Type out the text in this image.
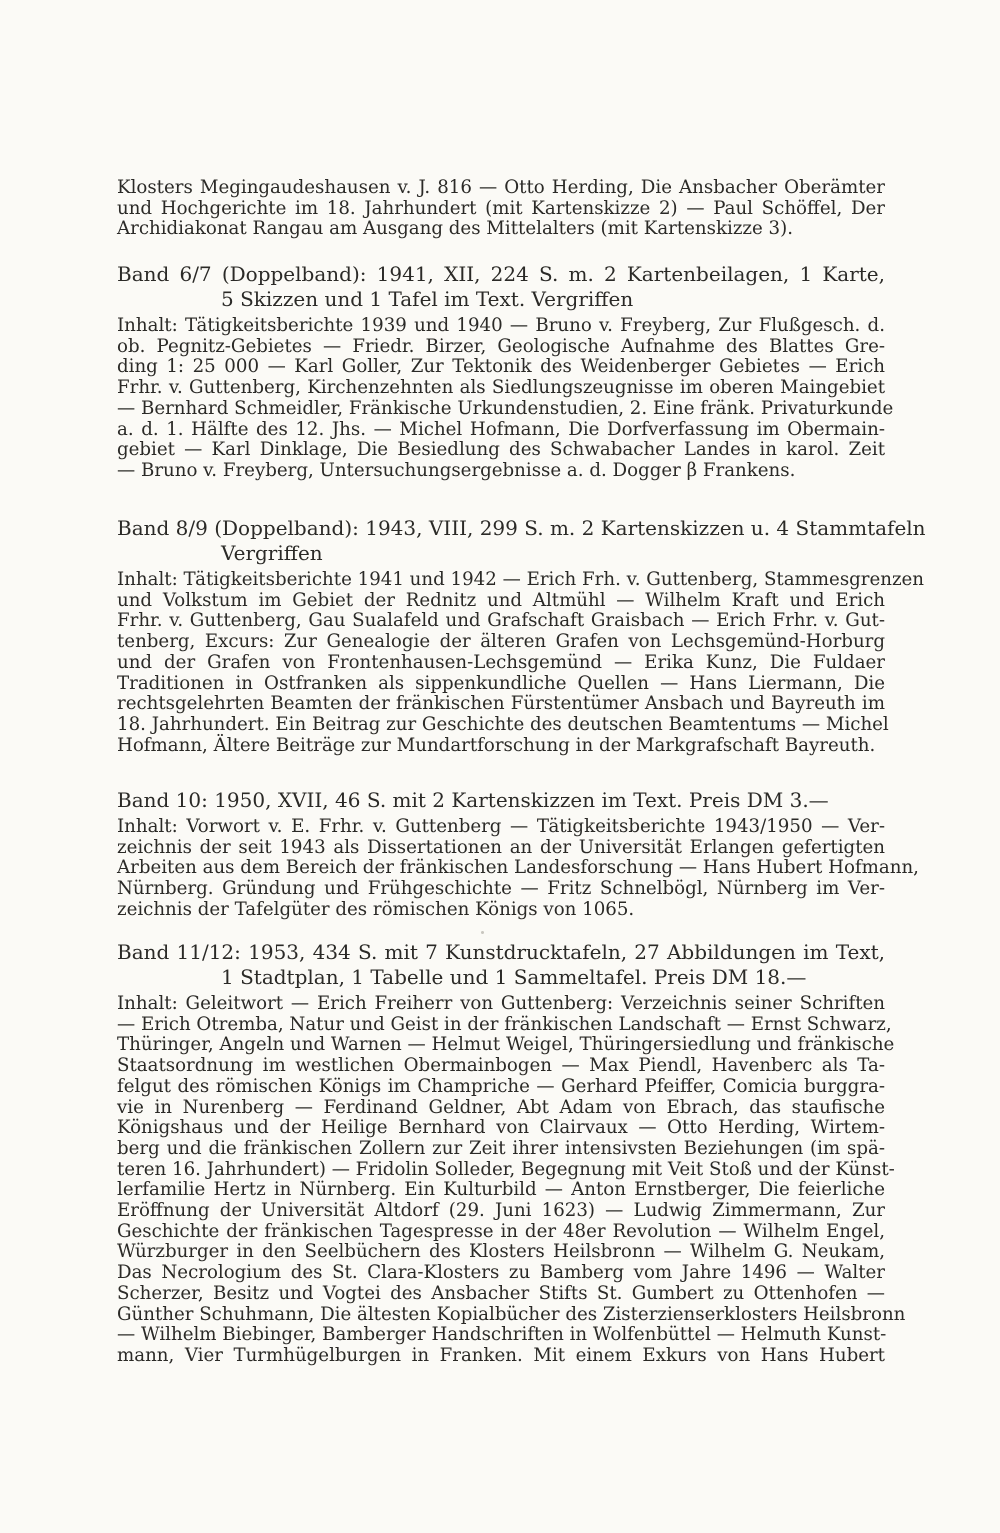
Klosters Megingaudeshausen v. J. 816 — Otto Herding, Die Ansbacher Oberämter
und Hochgerichte im 18. Jahrhundert (mit Kartenskizze 2) — Paul Schöffel, Der
Archidiakonat Rangau am Ausgang des Mittelalters (mit Kartenskizze 3).
Band 6/7 (Doppelband): 1941, XII, 224 S. m. 2 Kartenbeilagen, 1 Karte,
5 Skizzen und 1 Tafel im Text. Vergriffen
Inhalt: Tätigkeitsberichte 1939 und 1940 — Bruno v. Freyberg, Zur Flußgesch. d.
ob. Pegnitz-Gebietes — Friedr. Birzer, Geologische Aufnahme des Blattes Gre-
ding 1: 25 000 — Karl Goller, Zur Tektonik des Weidenberger Gebietes — Erich
Frhr. v. Guttenberg, Kirchenzehnten als Siedlungszeugnisse im oberen Maingebiet
— Bernhard Schmeidler, Fränkische Urkundenstudien, 2. Eine fränk. Privaturkunde
a. d. 1. Hälfte des 12. Jhs. — Michel Hofmann, Die Dorfverfassung im Obermain-
gebiet — Karl Dinklage, Die Besiedlung des Schwabacher Landes in karol. Zeit
— Bruno v. Freyberg, Untersuchungsergebnisse a. d. Dogger β Frankens.
Band 8/9 (Doppelband): 1943, VIII, 299 S. m. 2 Kartenskizzen u. 4 Stammtafeln
Vergriffen
Inhalt: Tätigkeitsberichte 1941 und 1942 — Erich Frh. v. Guttenberg, Stammesgrenzen
und Volkstum im Gebiet der Rednitz und Altmühl — Wilhelm Kraft und Erich
Frhr. v. Guttenberg, Gau Sualafeld und Grafschaft Graisbach — Erich Frhr. v. Gut-
tenberg, Excurs: Zur Genealogie der älteren Grafen von Lechsgemünd-Horburg
und der Grafen von Frontenhausen-Lechsgemünd — Erika Kunz, Die Fuldaer
Traditionen in Ostfranken als sippenkundliche Quellen — Hans Liermann, Die
rechtsgelehrten Beamten der fränkischen Fürstentümer Ansbach und Bayreuth im
18. Jahrhundert. Ein Beitrag zur Geschichte des deutschen Beamtentums — Michel
Hofmann, Ältere Beiträge zur Mundartforschung in der Markgrafschaft Bayreuth.
Band 10: 1950, XVII, 46 S. mit 2 Kartenskizzen im Text. Preis DM 3.—
Inhalt: Vorwort v. E. Frhr. v. Guttenberg — Tätigkeitsberichte 1943/1950 — Ver-
zeichnis der seit 1943 als Dissertationen an der Universität Erlangen gefertigten
Arbeiten aus dem Bereich der fränkischen Landesforschung — Hans Hubert Hofmann,
Nürnberg. Gründung und Frühgeschichte — Fritz Schnelbögl, Nürnberg im Ver-
zeichnis der Tafelgüter des römischen Königs von 1065.
Band 11/12: 1953, 434 S. mit 7 Kunstdrucktafeln, 27 Abbildungen im Text,
1 Stadtplan, 1 Tabelle und 1 Sammeltafel. Preis DM 18.—
Inhalt: Geleitwort — Erich Freiherr von Guttenberg: Verzeichnis seiner Schriften
— Erich Otremba, Natur und Geist in der fränkischen Landschaft — Ernst Schwarz,
Thüringer, Angeln und Warnen — Helmut Weigel, Thüringersiedlung und fränkische
Staatsordnung im westlichen Obermainbogen — Max Piendl, Havenberc als Ta-
felgut des römischen Königs im Champriche — Gerhard Pfeiffer, Comicia burggra-
vie in Nurenberg — Ferdinand Geldner, Abt Adam von Ebrach, das staufische
Königshaus und der Heilige Bernhard von Clairvaux — Otto Herding, Wirtem-
berg und die fränkischen Zollern zur Zeit ihrer intensivsten Beziehungen (im spä-
teren 16. Jahrhundert) — Fridolin Solleder, Begegnung mit Veit Stoß und der Künst-
lerfamilie Hertz in Nürnberg. Ein Kulturbild — Anton Ernstberger, Die feierliche
Eröffnung der Universität Altdorf (29. Juni 1623) — Ludwig Zimmermann, Zur
Geschichte der fränkischen Tagespresse in der 48er Revolution — Wilhelm Engel,
Würzburger in den Seelbüchern des Klosters Heilsbronn — Wilhelm G. Neukam,
Das Necrologium des St. Clara-Klosters zu Bamberg vom Jahre 1496 — Walter
Scherzer, Besitz und Vogtei des Ansbacher Stifts St. Gumbert zu Ottenhofen —
Günther Schuhmann, Die ältesten Kopialbücher des Zisterzienserklosters Heilsbronn
— Wilhelm Biebinger, Bamberger Handschriften in Wolfenbüttel — Helmuth Kunst-
mann, Vier Turmhügelburgen in Franken. Mit einem Exkurs von Hans Hubert
